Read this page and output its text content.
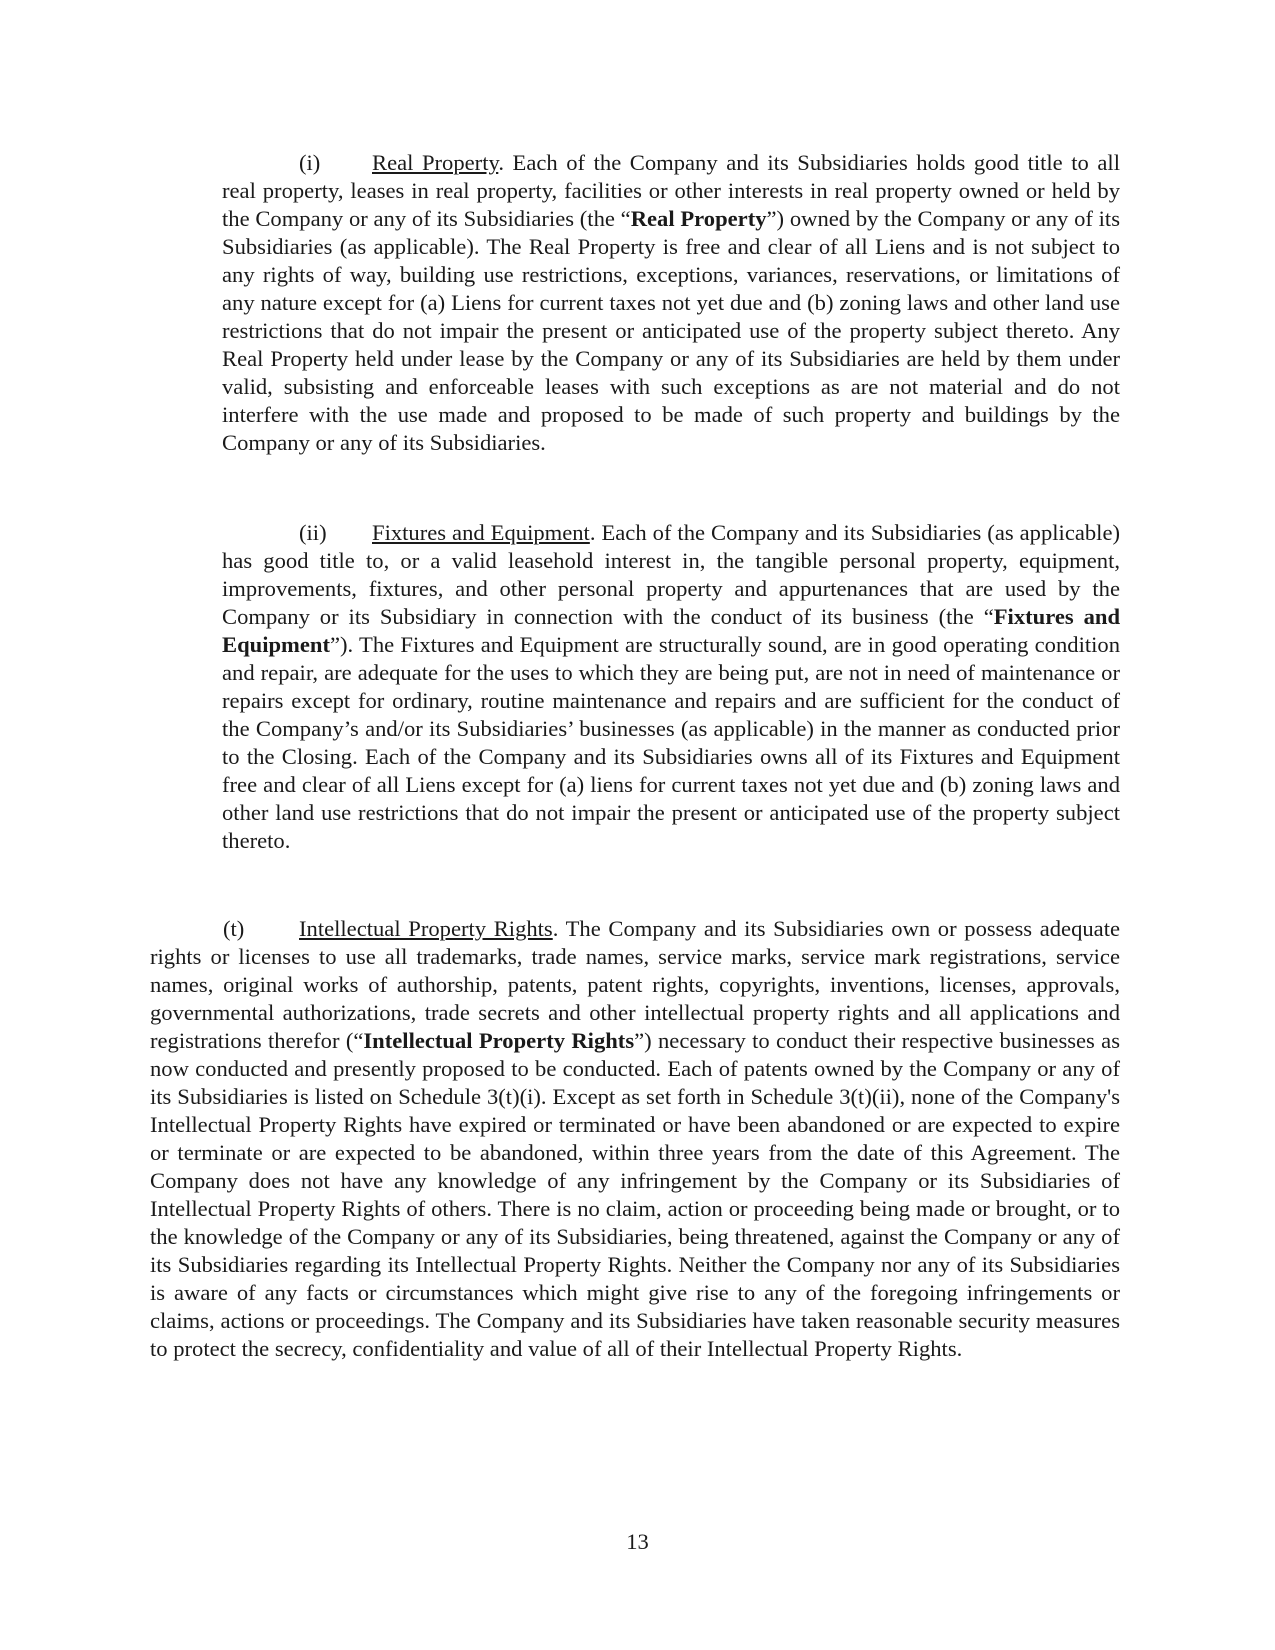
(i) Real Property. Each of the Company and its Subsidiaries holds good title to all real property, leases in real property, facilities or other interests in real property owned or held by the Company or any of its Subsidiaries (the “Real Property”) owned by the Company or any of its Subsidiaries (as applicable). The Real Property is free and clear of all Liens and is not subject to any rights of way, building use restrictions, exceptions, variances, reservations, or limitations of any nature except for (a) Liens for current taxes not yet due and (b) zoning laws and other land use restrictions that do not impair the present or anticipated use of the property subject thereto. Any Real Property held under lease by the Company or any of its Subsidiaries are held by them under valid, subsisting and enforceable leases with such exceptions as are not material and do not interfere with the use made and proposed to be made of such property and buildings by the Company or any of its Subsidiaries.

(ii) Fixtures and Equipment. Each of the Company and its Subsidiaries (as applicable) has good title to, or a valid leasehold interest in, the tangible personal property, equipment, improvements, fixtures, and other personal property and appurtenances that are used by the Company or its Subsidiary in connection with the conduct of its business (the “Fixtures and Equipment”). The Fixtures and Equipment are structurally sound, are in good operating condition and repair, are adequate for the uses to which they are being put, are not in need of maintenance or repairs except for ordinary, routine maintenance and repairs and are sufficient for the conduct of the Company’s and/or its Subsidiaries’ businesses (as applicable) in the manner as conducted prior to the Closing. Each of the Company and its Subsidiaries owns all of its Fixtures and Equipment free and clear of all Liens except for (a) liens for current taxes not yet due and (b) zoning laws and other land use restrictions that do not impair the present or anticipated use of the property subject thereto.

(t) Intellectual Property Rights. The Company and its Subsidiaries own or possess adequate rights or licenses to use all trademarks, trade names, service marks, service mark registrations, service names, original works of authorship, patents, patent rights, copyrights, inventions, licenses, approvals, governmental authorizations, trade secrets and other intellectual property rights and all applications and registrations therefor (“Intellectual Property Rights”) necessary to conduct their respective businesses as now conducted and presently proposed to be conducted. Each of patents owned by the Company or any of its Subsidiaries is listed on Schedule 3(t)(i). Except as set forth in Schedule 3(t)(ii), none of the Company's Intellectual Property Rights have expired or terminated or have been abandoned or are expected to expire or terminate or are expected to be abandoned, within three years from the date of this Agreement. The Company does not have any knowledge of any infringement by the Company or its Subsidiaries of Intellectual Property Rights of others. There is no claim, action or proceeding being made or brought, or to the knowledge of the Company or any of its Subsidiaries, being threatened, against the Company or any of its Subsidiaries regarding its Intellectual Property Rights. Neither the Company nor any of its Subsidiaries is aware of any facts or circumstances which might give rise to any of the foregoing infringements or claims, actions or proceedings. The Company and its Subsidiaries have taken reasonable security measures to protect the secrecy, confidentiality and value of all of their Intellectual Property Rights.

13
